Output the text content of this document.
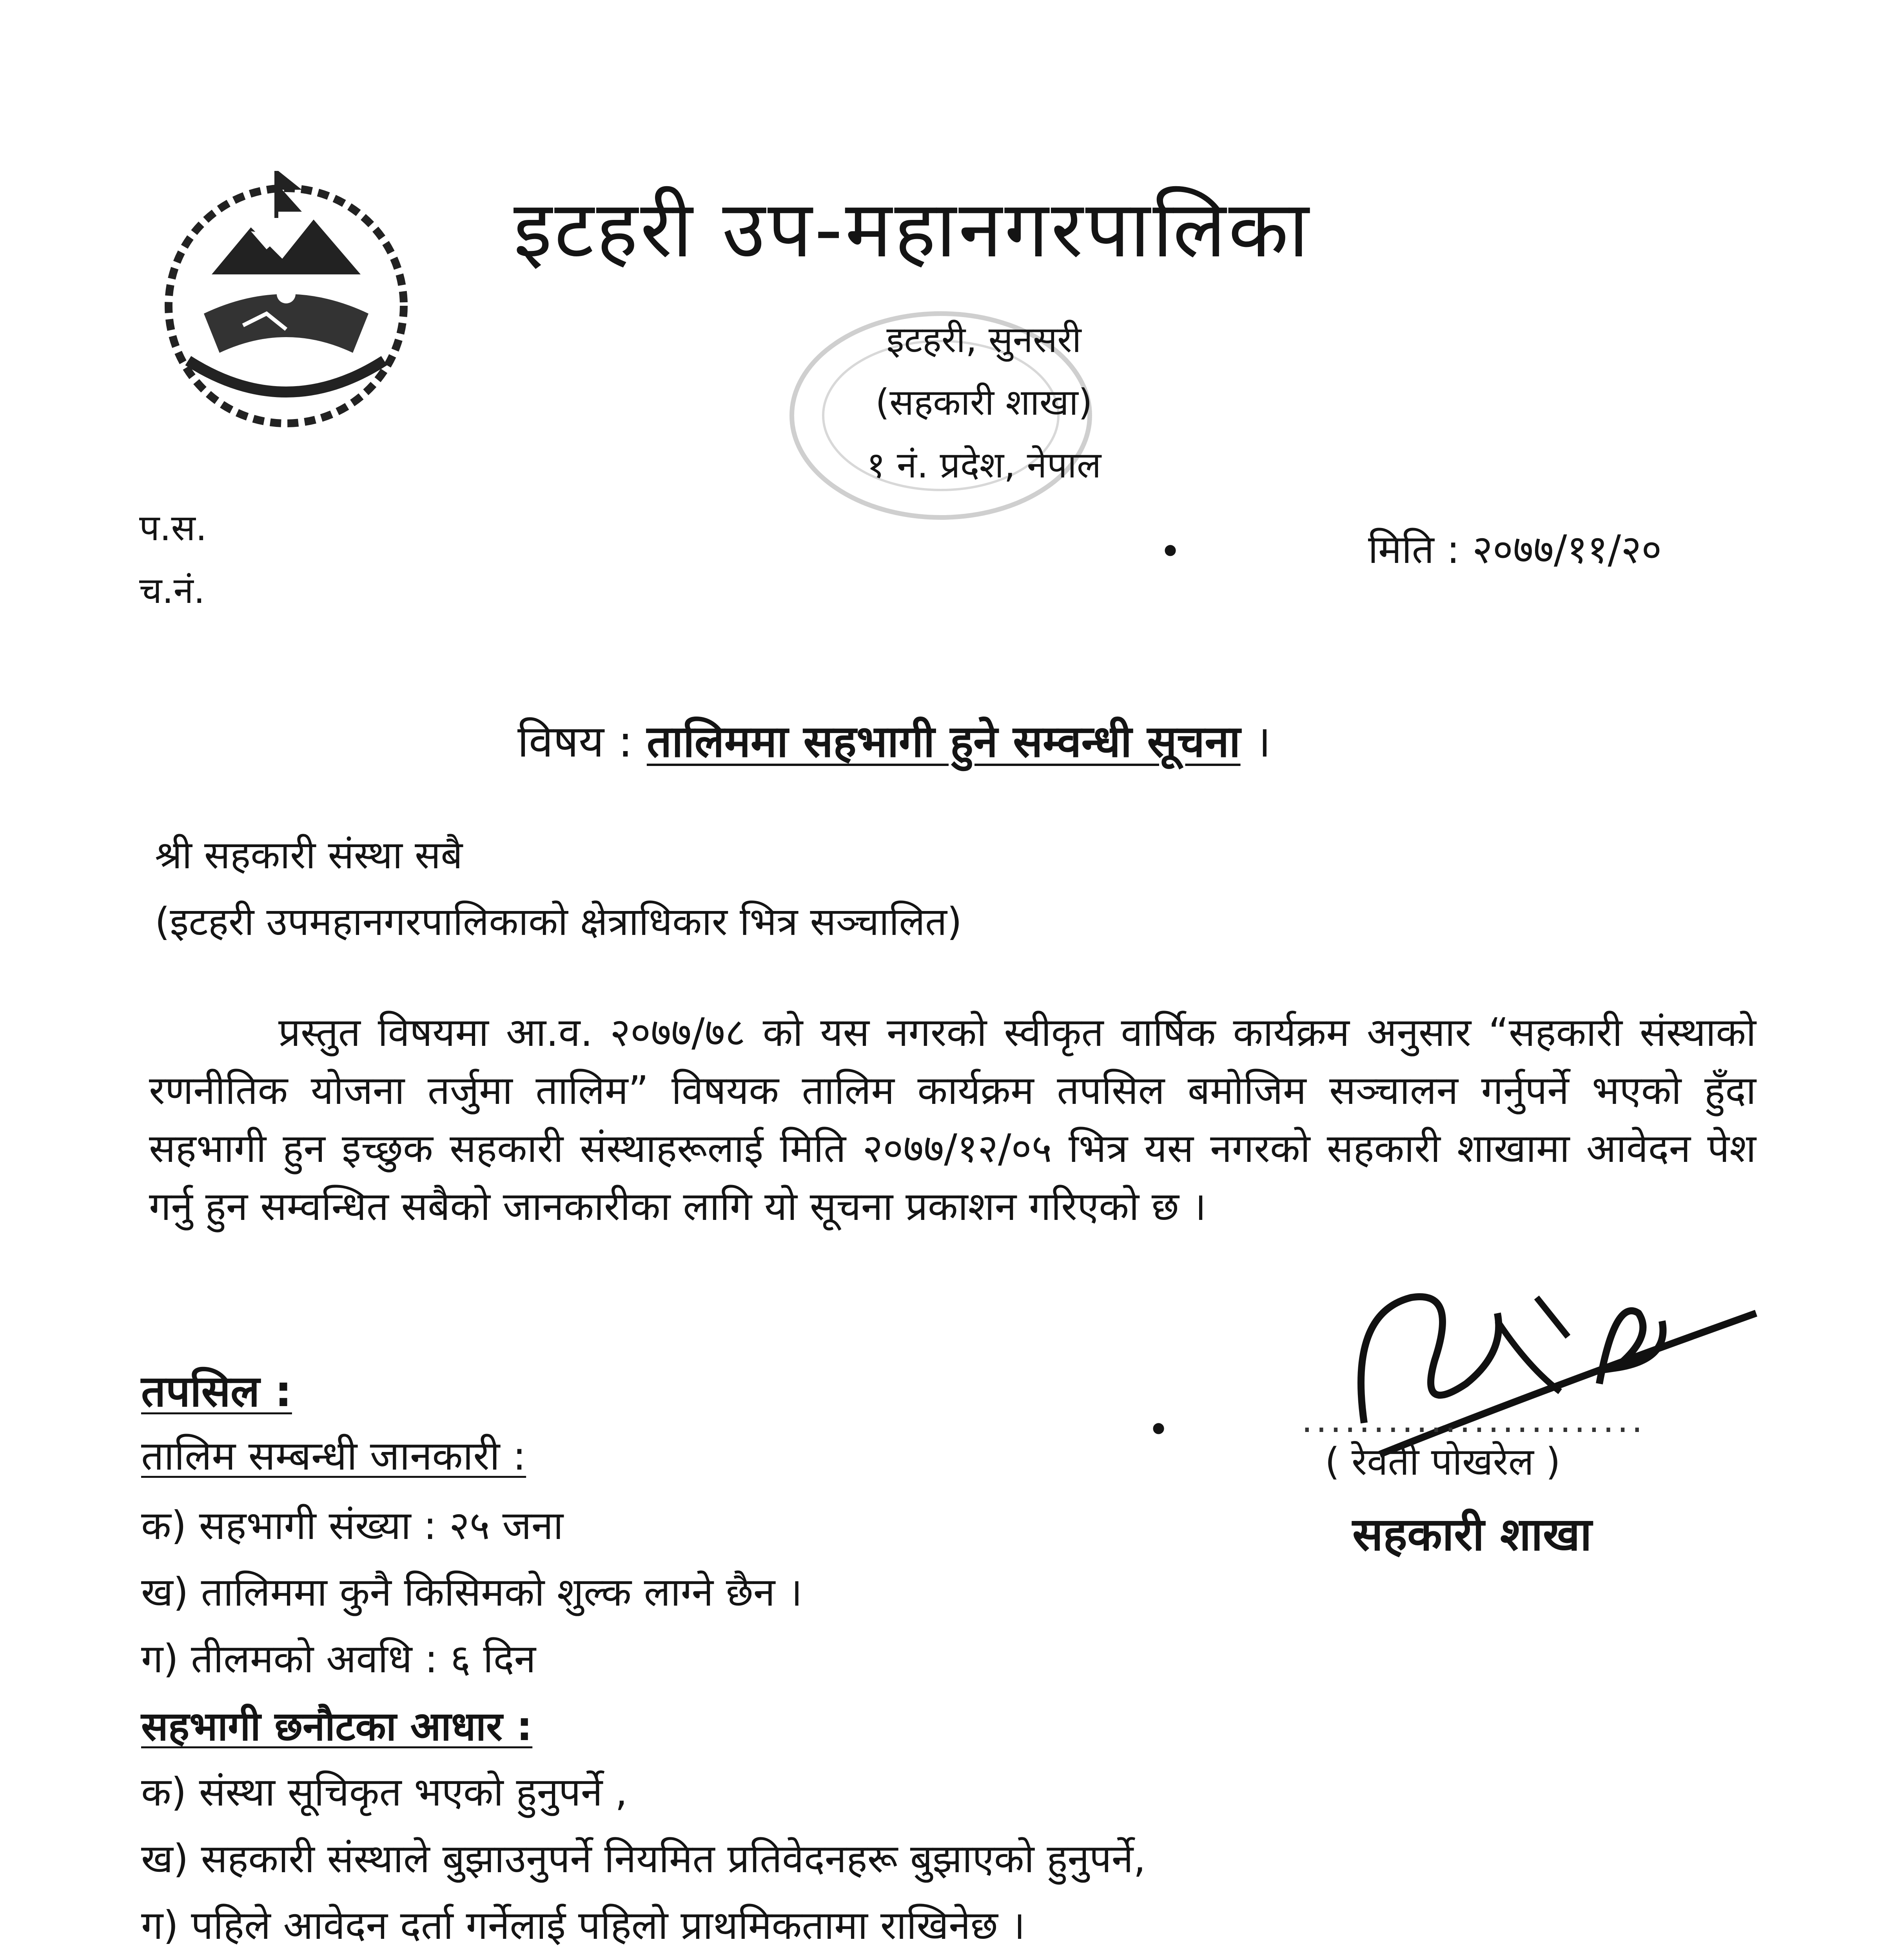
इटहरी उप-महानगरपालिका
इटहरी, सुनसरी
(सहकारी शाखा)
१ नं. प्रदेश, नेपाल
प.स.
च.नं.
मिति : २०७७/११/२०
विषय : तालिममा सहभागी हुने सम्वन्धी सूचना ।
श्री सहकारी संस्था सबै
(इटहरी उपमहानगरपालिकाको क्षेत्राधिकार भित्र सञ्चालित)
प्रस्तुत विषयमा आ.व. २०७७/७८ को यस नगरको स्वीकृत वार्षिक कार्यक्रम अनुसार “सहकारी संस्थाको रणनीतिक योजना तर्जुमा तालिम” विषयक तालिम कार्यक्रम तपसिल बमोजिम सञ्चालन गर्नुपर्ने भएको हुँदा सहभागी हुन इच्छुक सहकारी संस्थाहरूलाई मिति २०७७/१२/०५ भित्र यस नगरको सहकारी शाखामा आवेदन पेश गर्नु हुन सम्वन्धित सबैको जानकारीका लागि यो सूचना प्रकाशन गरिएको छ ।
........................
( रेवती पोखरेल )
सहकारी शाखा
तपसिल :
तालिम सम्बन्धी जानकारी :
क) सहभागी संख्या : २५ जना
ख) तालिममा कुनै किसिमको शुल्क लाग्ने छैन ।
ग) तीलमको अवधि : ६ दिन
सहभागी छनौटका आधार :
क) संस्था सूचिकृत भएको हुनुपर्ने ,
ख) सहकारी संस्थाले बुझाउनुपर्ने नियमित प्रतिवेदनहरू बुझाएको हुनुपर्ने,
ग) पहिले आवेदन दर्ता गर्नेलाई पहिलो प्राथमिकतामा राखिनेछ ।
•
•
